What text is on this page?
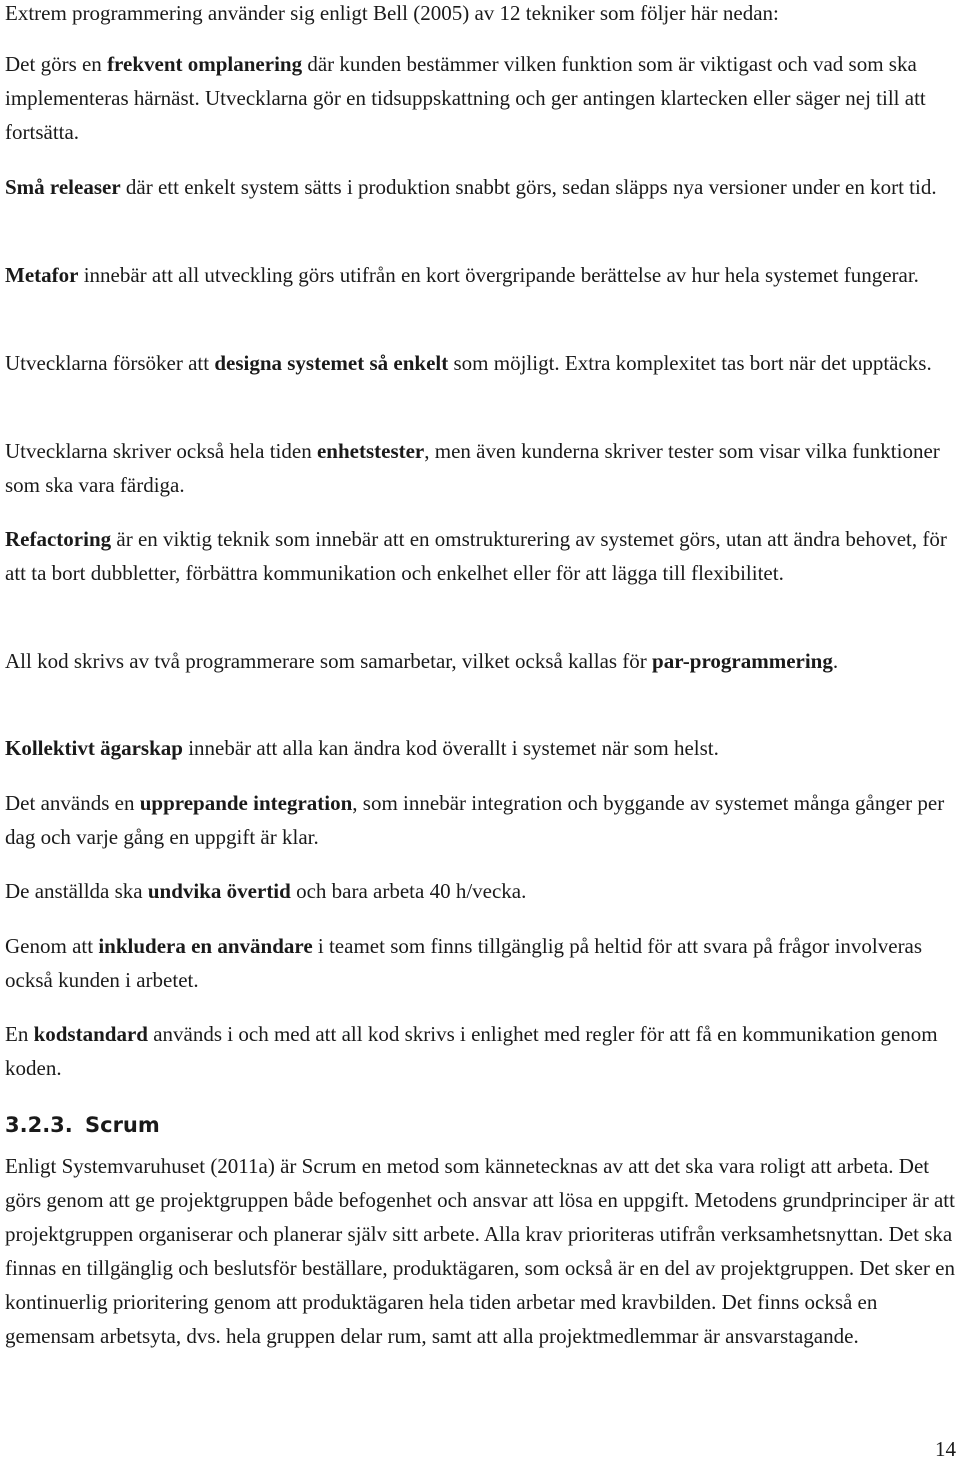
Extrem programmering använder sig enligt Bell (2005) av 12 tekniker som följer här nedan:

Det görs en frekvent omplanering där kunden bestämmer vilken funktion som är viktigast och vad som ska implementeras härnäst. Utvecklarna gör en tidsuppskattning och ger antingen klartecken eller säger nej till att fortsätta.

Små releaser där ett enkelt system sätts i produktion snabbt görs, sedan släpps nya versioner under en kort tid.

Metafor innebär att all utveckling görs utifrån en kort övergripande berättelse av hur hela systemet fungerar.

Utvecklarna försöker att designa systemet så enkelt som möjligt. Extra komplexitet tas bort när det upptäcks.

Utvecklarna skriver också hela tiden enhetstester, men även kunderna skriver tester som visar vilka funktioner som ska vara färdiga.

Refactoring är en viktig teknik som innebär att en omstrukturering av systemet görs, utan att ändra behovet, för att ta bort dubbletter, förbättra kommunikation och enkelhet eller för att lägga till flexibilitet.

All kod skrivs av två programmerare som samarbetar, vilket också kallas för par-programmering.

Kollektivt ägarskap innebär att alla kan ändra kod överallt i systemet när som helst.

Det används en upprepande integration, som innebär integration och byggande av systemet många gånger per dag och varje gång en uppgift är klar.

De anställda ska undvika övertid och bara arbeta 40 h/vecka.

Genom att inkludera en användare i teamet som finns tillgänglig på heltid för att svara på frågor involveras också kunden i arbetet.

En kodstandard används i och med att all kod skrivs i enlighet med regler för att få en kommunikation genom koden.

3.2.3. Scrum

Enligt Systemvaruhuset (2011a) är Scrum en metod som kännetecknas av att det ska vara roligt att arbeta. Det görs genom att ge projektgruppen både befogenhet och ansvar att lösa en uppgift. Metodens grundprinciper är att projektgruppen organiserar och planerar själv sitt arbete. Alla krav prioriteras utifrån verksamhetsnyttan. Det ska finnas en tillgänglig och beslutsför beställare, produktägaren, som också är en del av projektgruppen. Det sker en kontinuerlig prioritering genom att produktägaren hela tiden arbetar med kravbilden. Det finns också en gemensam arbetsyta, dvs. hela gruppen delar rum, samt att alla projektmedlemmar är ansvarstagande.

14
